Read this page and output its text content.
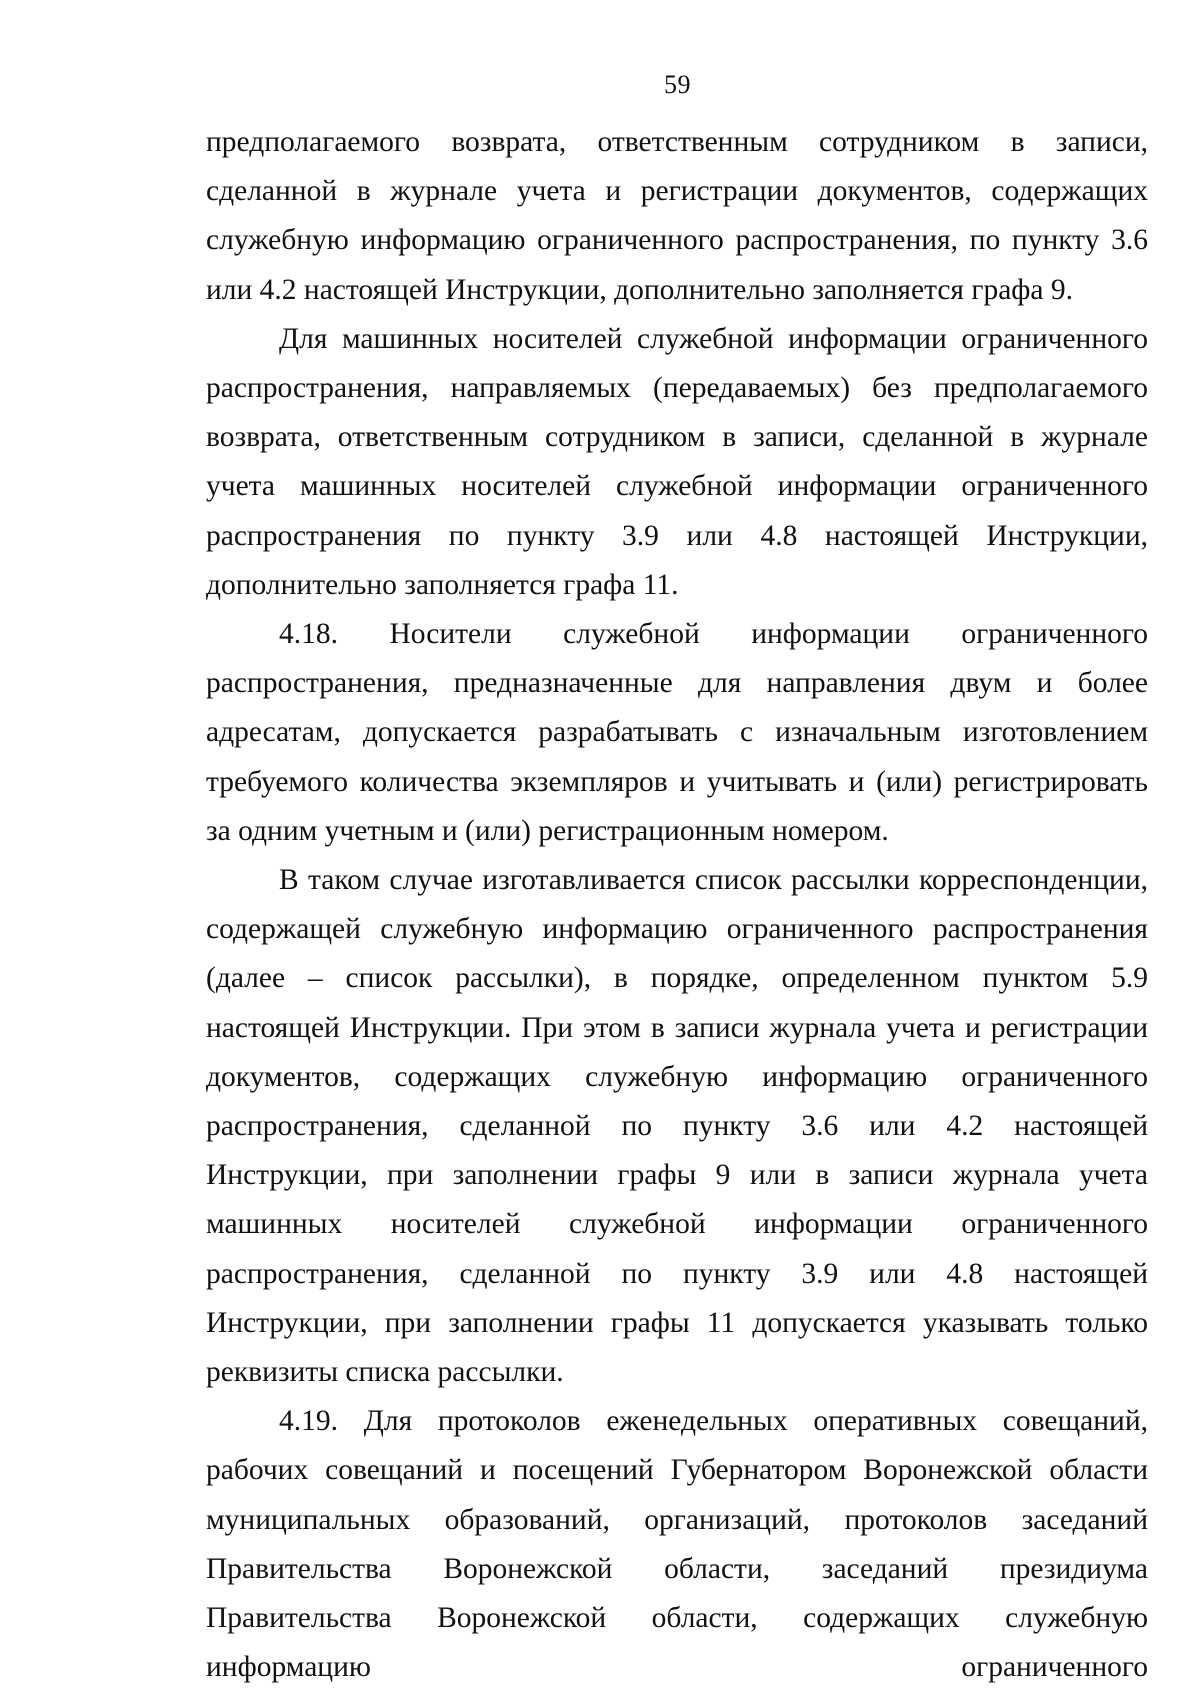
59

предполагаемого возврата, ответственным сотрудником в записи, сделанной в журнале учета и регистрации документов, содержащих служебную информацию ограниченного распространения, по пункту 3.6 или 4.2 настоящей Инструкции, дополнительно заполняется графа 9.

Для машинных носителей служебной информации ограниченного распространения, направляемых (передаваемых) без предполагаемого возврата, ответственным сотрудником в записи, сделанной в журнале учета машинных носителей служебной информации ограниченного распространения по пункту 3.9 или 4.8 настоящей Инструкции, дополнительно заполняется графа 11.

4.18. Носители служебной информации ограниченного распространения, предназначенные для направления двум и более адресатам, допускается разрабатывать с изначальным изготовлением требуемого количества экземпляров и учитывать и (или) регистрировать за одним учетным и (или) регистрационным номером.

В таком случае изготавливается список рассылки корреспонденции, содержащей служебную информацию ограниченного распространения (далее – список рассылки), в порядке, определенном пунктом 5.9 настоящей Инструкции. При этом в записи журнала учета и регистрации документов, содержащих служебную информацию ограниченного распространения, сделанной по пункту 3.6 или 4.2 настоящей Инструкции, при заполнении графы 9 или в записи журнала учета машинных носителей служебной информации ограниченного распространения, сделанной по пункту 3.9 или 4.8 настоящей Инструкции, при заполнении графы 11 допускается указывать только реквизиты списка рассылки.

4.19. Для протоколов еженедельных оперативных совещаний, рабочих совещаний и посещений Губернатором Воронежской области муниципальных образований, организаций, протоколов заседаний Правительства Воронежской области, заседаний президиума Правительства Воронежской области, содержащих служебную информацию ограниченного
